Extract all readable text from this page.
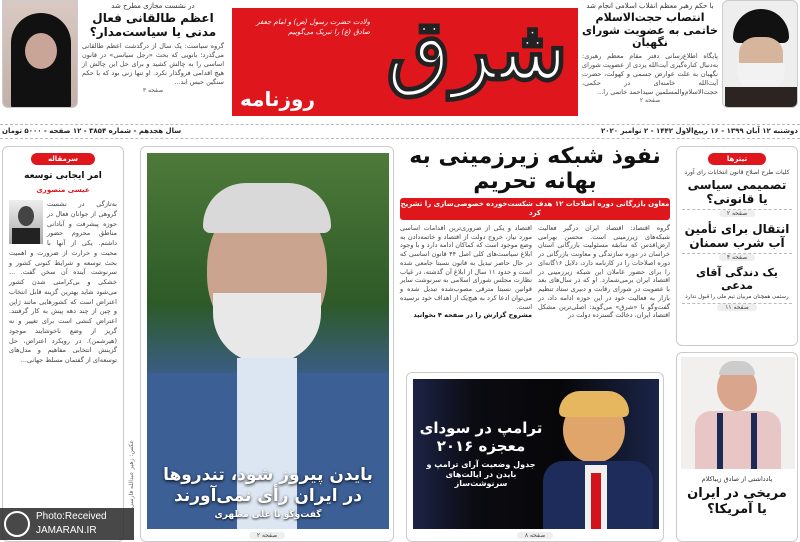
در نشست مجازی مطرح شد
اعظم طالقانی فعال مدنی یا سیاست‌مدار؟
گروه سیاست: یک سال از درگذشت اعظم طالقانی می‌گذرد؛ بانویی که بحث «رجل سیاسی» در قانون اساسی را به چالش کشید و برای حل این چالش از هیچ اقدامی فروگذار نکرد. او تنها زنی بود که با حکم سنگین حبس ابد...
صفحه ۳	شرق
ولادت حضرت رسول (ص) و امام جعفر صادق (ع) را تبریک می‌گوییم
روزنامه
با حکم رهبر معظم انقلاب اسلامی انجام شد
انتصاب حجت‌الاسلام خاتمی به عضویت شورای نگهبان
پایگاه اطلاع‌رسانی دفتر مقام معظم رهبری: به‌دنبال کناره‌گیری آیت‌الله یزدی از عضویت شورای نگهبان به علت عوارض جسمی و کهولت، حضرت آیت‌الله خامنه‌ای در حکمی، حجت‌الاسلام‌والمسلمین سیداحمد خاتمی را...
صفحه ۲
دوشنبه ۱۲ آبان ۱۳۹۹ - ۱۶ ربیع‌الاول ۱۴۴۲ - ۲ نوامبر ۲۰۲۰
سال هجدهم - شماره ۳۸۵۴ - ۱۲ صفحه - ۵۰۰۰ تومان
سرمقاله
امر ایجابی توسعه
عیسی منصوری
به‌تازگی در نشست گروهی از جوانان فعال در حوزه پیشرفت و آبادانی مناطق محروم حضور داشتم. یکی از آنها با محبت و حرارت از ضرورت و اهمیت بحث توسعه و شرایط کنونی کشور و سرنوشت آینده آن سخن گفت. ... خشکی و بی‌کرامتی شدن کشور می‌شود شاید بهترین گزینه قابل انتخاب اعتراض است که کشورهایی مانند ژاپن و چین از چند دهه پیش به کار گرفتند. اعتراض کنشی است برای تغییر و نه گریز از وضع ناخوشایند موجود (هیرشمن). در رویکرد اعتراض، حل گزینش انتخابی مفاهیم و مدل‌های توسعه‌ای از گفتمان مسلط جهانی...
Photo:Received
JAMARAN.IR
بایدن پیروز شود، تندروها در ایران رأی نمی‌آورند
گفت‌وگو با علی مطهری
صفحه ۲
عکس: زهیر عبدالله فارسی
نفوذ شبکه زیرزمینی به بهانه تحریم
معاون بازرگانی دوره اصلاحات ۱۲ هدف شکست‌خورده خصوصی‌سازی را تشریح کرد
گروه اقتصاد: اقتصاد ایران درگیر فعالیت شبکه‌های زیرزمینی است. محسن بهرامی ارض‌اقدس که سابقه مسئولیت بازرگانی استان خراسان در دوره سازندگی و معاونت بازرگانی در دوره اصلاحات را در کارنامه دارد، دلایل ۱۶گانه‌ای را برای حضور عاملان این شبکه زیرزمینی در اقتصاد ایران برمی‌شمارد. او که در سال‌های بعد با عضویت در شورای رقابت و دبیری ستاد تنظیم بازار به فعالیت خود در این حوزه ادامه داد، در گفت‌وگو با «شرق» می‌گوید: اصلی‌ترین مشکل اقتصاد ایران، دخالت گسترده دولت در
اقتصاد و یکی از ضروری‌ترین اقدامات اساسی مورد نیاز، خروج دولت از اقتصاد و خاتمه‌دادن به وضع موجود است که کماکان ادامه دارد و با وجود ابلاغ سیاست‌های کلی اصل ۴۴ قانون اساسی که در حال حاضر تبدیل به قانون نسبتا جامعی شده است و حدود ۱۱ سال از ابلاغ آن گذشته، در غیاب نظارت مجلس شورای اسلامی به سرنوشت سایر قوانین نسبتا مترقی مصوب‌شده تبدیل شده و می‌توان ادعا کرد به هیچ‌یک از اهداف خود نرسیده است.
مشروح گزارش را در صفحه ۴ بخوانید
ترامپ در سودای معجزه ۲۰۱۶
جدول وضعیت آرای ترامپ و بایدن در ایالت‌های سرنوشت‌ساز
صفحه ۸
تیترها
کلیات طرح اصلاح قانون انتخابات رای آورد
تصمیمی سیاسی یا قانونی؟
صفحه ۲
انتقال برای تأمین آب شرب سمنان
صفحه ۴
یک دندگی آقای مدعی
رستمی همچنان مربیان تیم ملی را قبول ندارد
صفحه ۱۱
یادداشتی از صادق زیباکلام
مریخی در ایران یا آمریکا؟
